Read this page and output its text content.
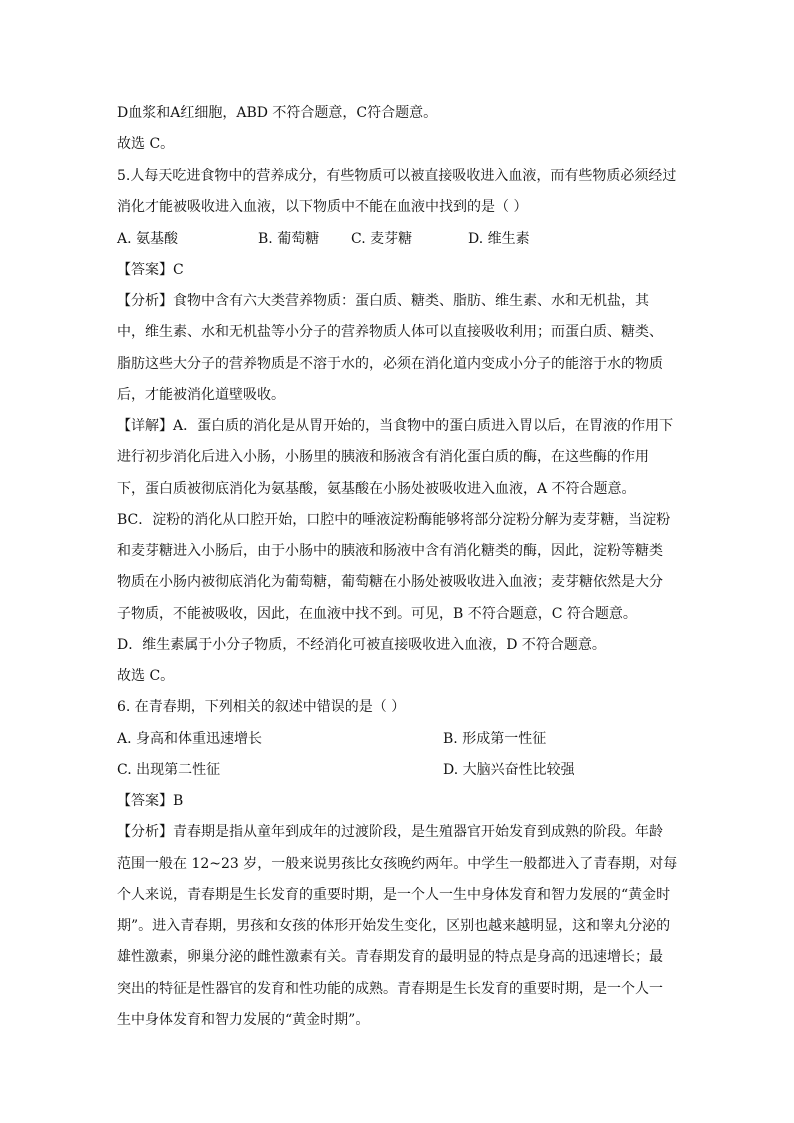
D血浆和A红细胞，ABD 不符合题意，C符合题意。
故选 C。
5.人每天吃进食物中的营养成分，有些物质可以被直接吸收进入血液，而有些物质必须经过
消化才能被吸收进入血液，以下物质中不能在血液中找到的是（ ）
A. 氨基酸	B. 葡萄糖 C. 麦芽糖	D. 维生素
【答案】C
【分析】食物中含有六大类营养物质：蛋白质、糖类、脂肪、维生素、水和无机盐，其
中，维生素、水和无机盐等小分子的营养物质人体可以直接吸收利用；而蛋白质、糖类、
脂肪这些大分子的营养物质是不溶于水的，必须在消化道内变成小分子的能溶于水的物质
后，才能被消化道壁吸收。
【详解】A．蛋白质的消化是从胃开始的，当食物中的蛋白质进入胃以后，在胃液的作用下
进行初步消化后进入小肠，小肠里的胰液和肠液含有消化蛋白质的酶，在这些酶的作用
下，蛋白质被彻底消化为氨基酸，氨基酸在小肠处被吸收进入血液，A 不符合题意。
BC．淀粉的消化从口腔开始，口腔中的唾液淀粉酶能够将部分淀粉分解为麦芽糖，当淀粉
和麦芽糖进入小肠后，由于小肠中的胰液和肠液中含有消化糖类的酶，因此，淀粉等糖类
物质在小肠内被彻底消化为葡萄糖，葡萄糖在小肠处被吸收进入血液；麦芽糖依然是大分
子物质，不能被吸收，因此，在血液中找不到。可见，B 不符合题意，C 符合题意。
D．维生素属于小分子物质，不经消化可被直接吸收进入血液，D 不符合题意。
故选 C。
6. 在青春期，下列相关的叙述中错误的是（ ）
A. 身高和体重迅速增长	B. 形成第一性征
C. 出现第二性征	D. 大脑兴奋性比较强
【答案】B
【分析】青春期是指从童年到成年的过渡阶段，是生殖器官开始发育到成熟的阶段。年龄
范围一般在 12~23 岁，一般来说男孩比女孩晚约两年。中学生一般都进入了青春期，对每
个人来说，青春期是生长发育的重要时期，是一个人一生中身体发育和智力发展的“黄金时
期”。进入青春期，男孩和女孩的体形开始发生变化，区别也越来越明显，这和睾丸分泌的
雄性激素，卵巢分泌的雌性激素有关。青春期发育的最明显的特点是身高的迅速增长；最
突出的特征是性器官的发育和性功能的成熟。青春期是生长发育的重要时期，是一个人一
生中身体发育和智力发展的“黄金时期”。
